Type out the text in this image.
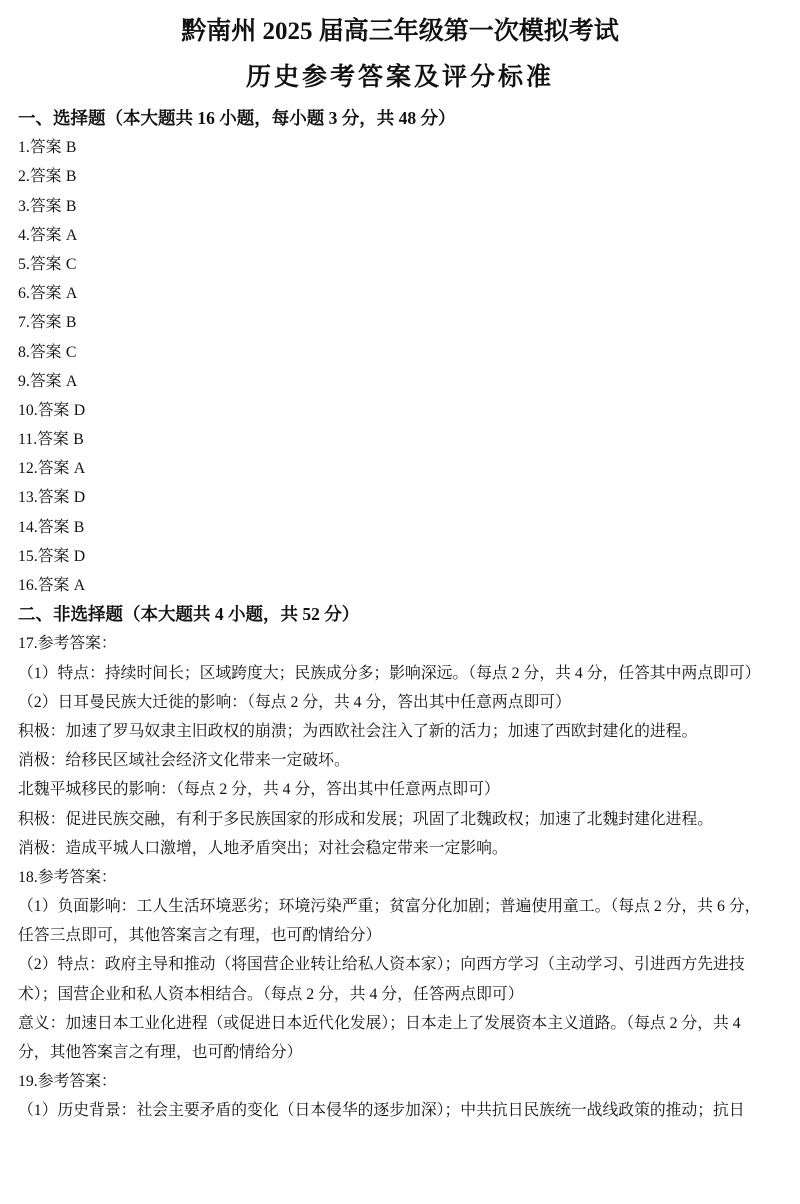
黔南州 2025 届高三年级第一次模拟考试
历史参考答案及评分标准
一、选择题（本大题共 16 小题，每小题 3 分，共 48 分）
1.答案 B
2.答案 B
3.答案 B
4.答案 A
5.答案 C
6.答案 A
7.答案 B
8.答案 C
9.答案 A
10.答案 D
11.答案 B
12.答案 A
13.答案 D
14.答案 B
15.答案 D
16.答案 A
二、非选择题（本大题共 4 小题，共 52 分）
17.参考答案：
（1）特点：持续时间长；区域跨度大；民族成分多；影响深远。（每点 2 分，共 4 分，任答其中两点即可）
（2）日耳曼民族大迁徙的影响：（每点 2 分，共 4 分，答出其中任意两点即可）
积极：加速了罗马奴隶主旧政权的崩溃；为西欧社会注入了新的活力；加速了西欧封建化的进程。
消极：给移民区域社会经济文化带来一定破坏。
北魏平城移民的影响：（每点 2 分，共 4 分，答出其中任意两点即可）
积极：促进民族交融，有利于多民族国家的形成和发展；巩固了北魏政权；加速了北魏封建化进程。
消极：造成平城人口激增，人地矛盾突出；对社会稳定带来一定影响。
18.参考答案：
（1）负面影响：工人生活环境恶劣；环境污染严重；贫富分化加剧；普遍使用童工。（每点 2 分，共 6 分，
任答三点即可，其他答案言之有理，也可酌情给分）
（2）特点：政府主导和推动（将国营企业转让给私人资本家）；向西方学习（主动学习、引进西方先进技
术）；国营企业和私人资本相结合。（每点 2 分，共 4 分，任答两点即可）
意义：加速日本工业化进程（或促进日本近代化发展）；日本走上了发展资本主义道路。（每点 2 分，共 4
分，其他答案言之有理，也可酌情给分）
19.参考答案：
（1）历史背景：社会主要矛盾的变化（日本侵华的逐步加深）；中共抗日民族统一战线政策的推动；抗日
